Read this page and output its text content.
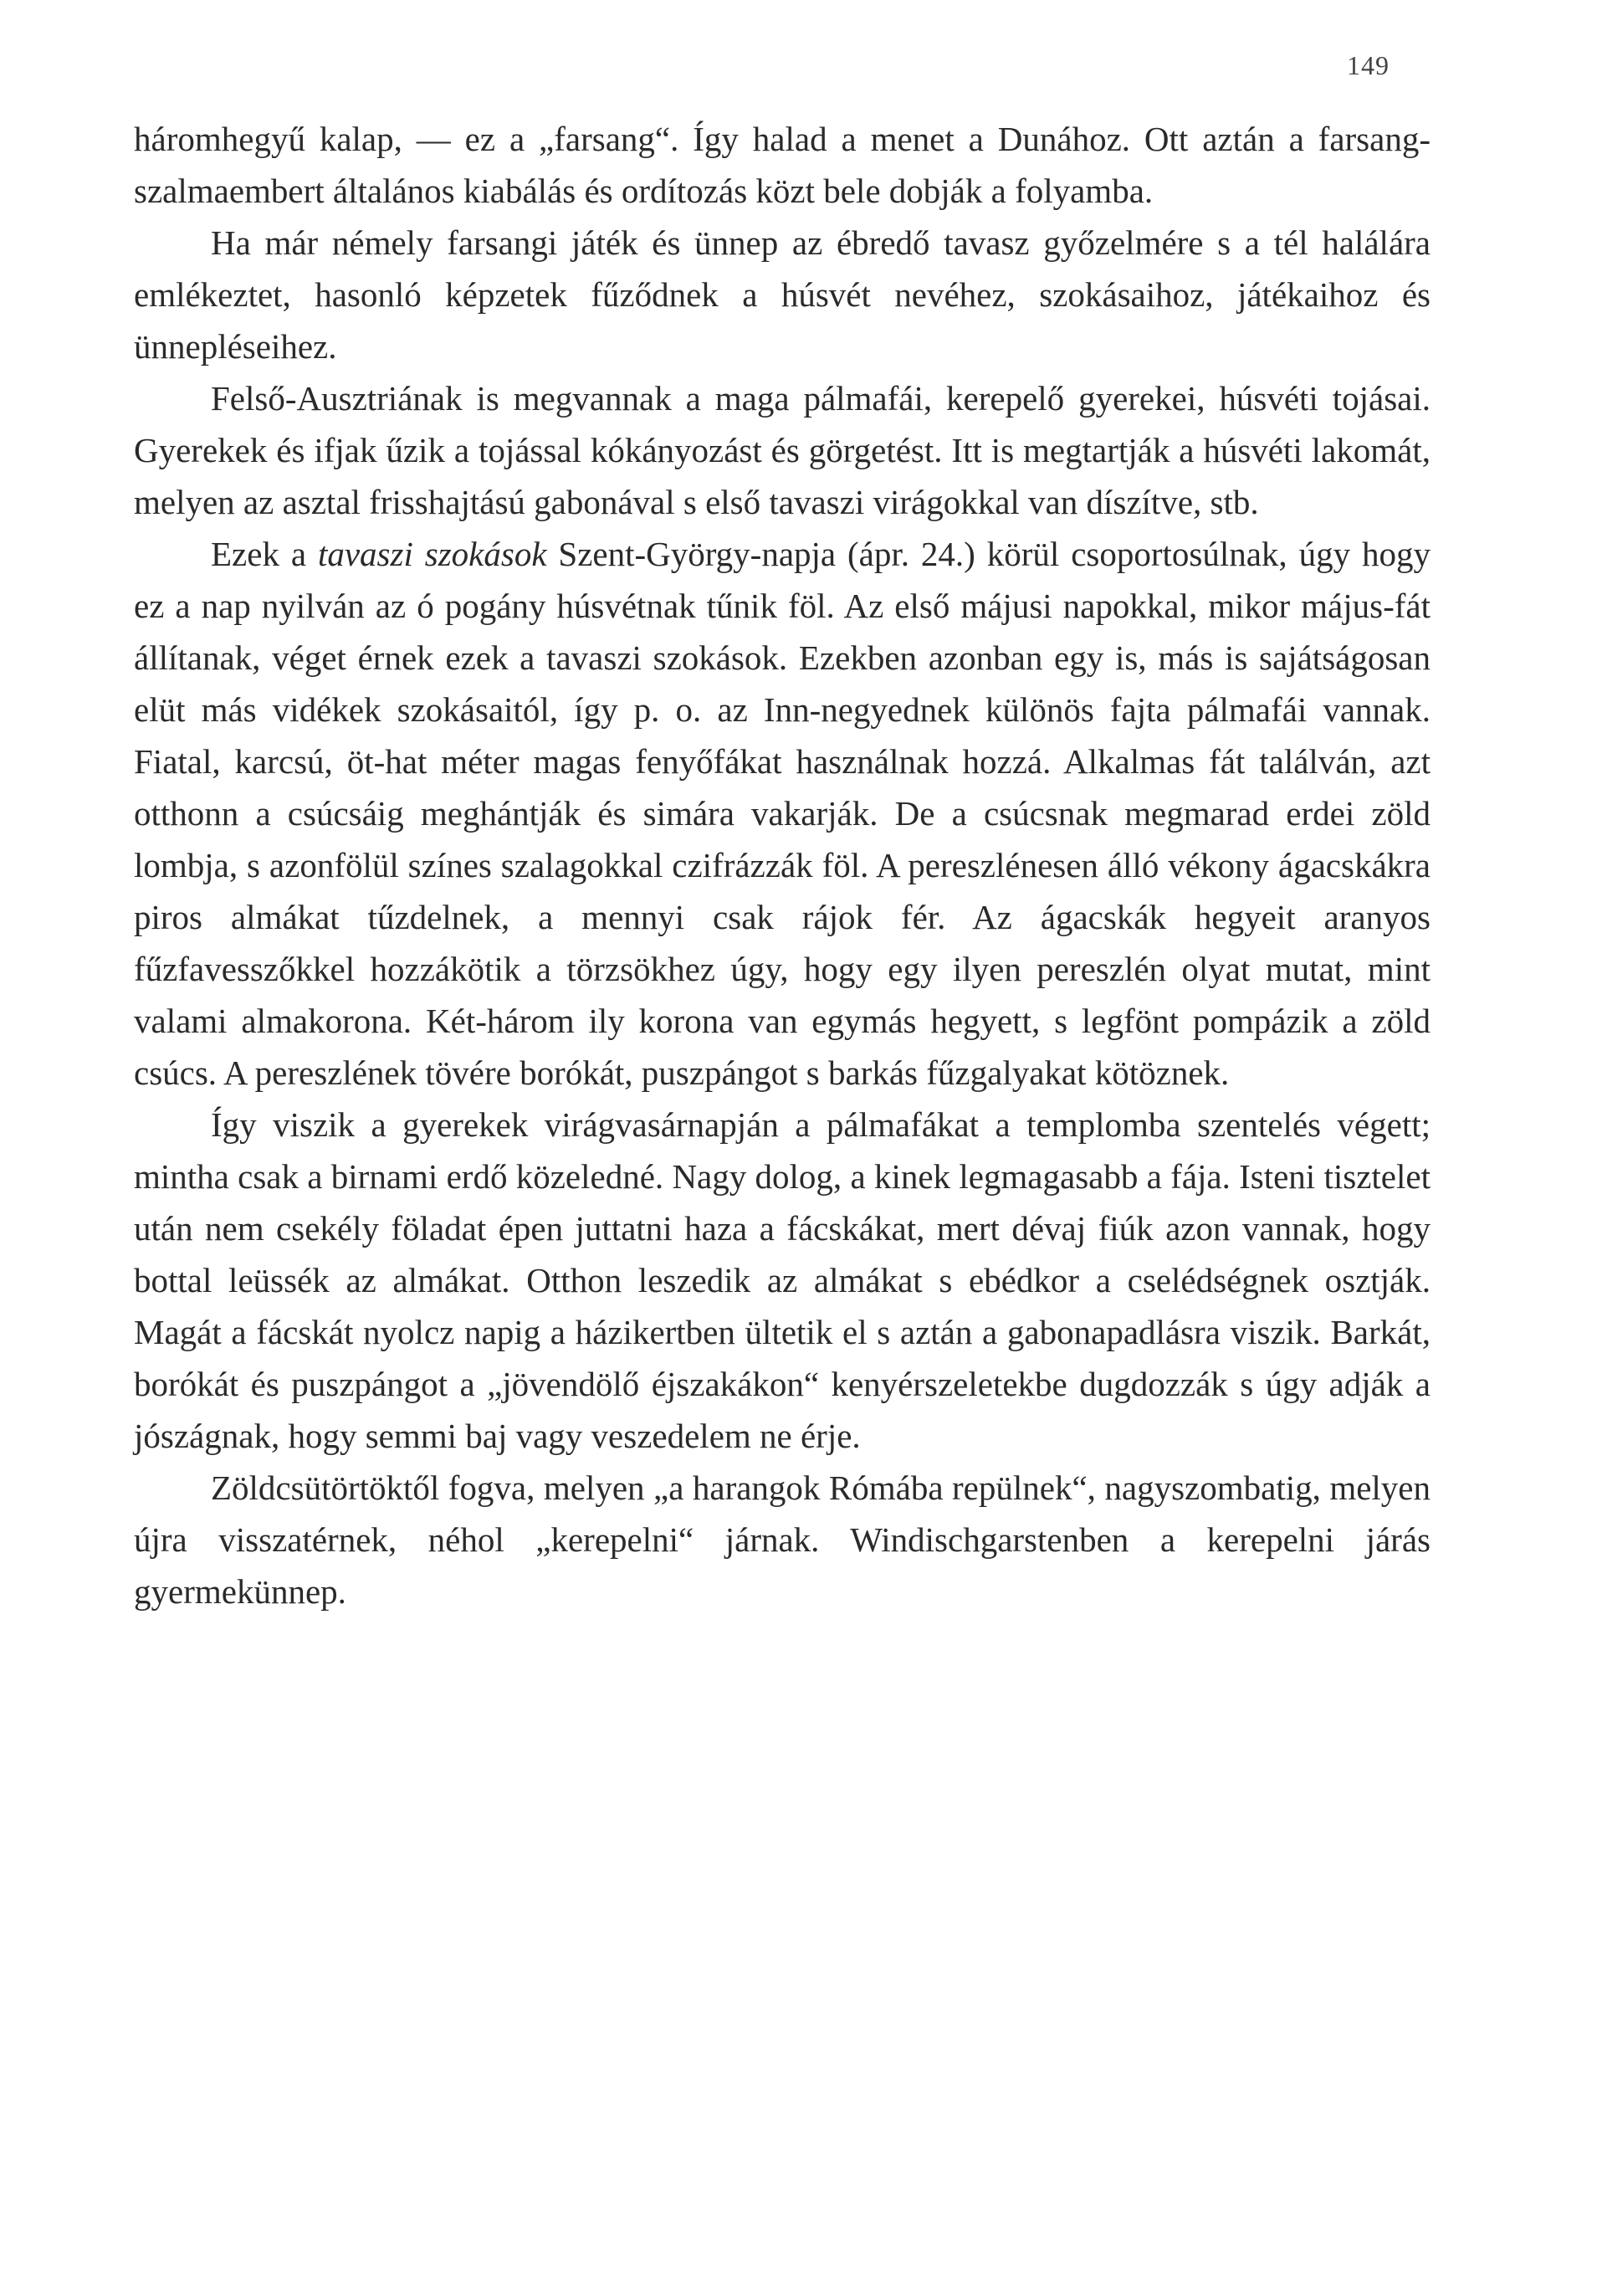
149

háromhegyű kalap, — ez a „farsang“. Így halad a menet a Dunához. Ott aztán a farsang-szalmaembert általános kiabálás és ordítozás közt bele dobják a folyamba.

Ha már némely farsangi játék és ünnep az ébredő tavasz győzelmére s a tél halálára emlékeztet, hasonló képzetek fűződnek a húsvét nevéhez, szokásaihoz, játékaihoz és ünnepléseihez.

Felső-Ausztriának is megvannak a maga pálmafái, kerepelő gyerekei, húsvéti tojásai. Gyerekek és ifjak űzik a tojással kókányozást és görgetést. Itt is megtartják a húsvéti lakomát, melyen az asztal frisshajtású gabonával s első tavaszi virágokkal van díszítve, stb.

Ezek a tavaszi szokások Szent-György-napja (ápr. 24.) körül csoportosúlnak, úgy hogy ez a nap nyilván az ó pogány húsvétnak tűnik föl. Az első májusi napokkal, mikor május-fát állítanak, véget érnek ezek a tavaszi szokások. Ezekben azonban egy is, más is sajátságosan elüt más vidékek szokásaitól, így p. o. az Inn-negyednek különös fajta pálmafái vannak. Fiatal, karcsú, öt-hat méter magas fenyőfákat használnak hozzá. Alkalmas fát találván, azt otthonn a csúcsáig meghántják és simára vakarják. De a csúcsnak megmarad erdei zöld lombja, s azonfölül színes szalagokkal czifrázzák föl. A pereszlénesen álló vékony ágacskákra piros almákat tűzdelnek, a mennyi csak rájok fér. Az ágacskák hegyeit aranyos fűzfavesszőkkel hozzákötik a törzsökhez úgy, hogy egy ilyen pereszlén olyat mutat, mint valami almakorona. Két-három ily korona van egymás hegyett, s legfönt pompázik a zöld csúcs. A pereszlének tövére borókát, puszpángot s barkás fűzgalyakat kötöznek.

Így viszik a gyerekek virágvasárnapján a pálmafákat a templomba szentelés végett; mintha csak a birnami erdő közeledné. Nagy dolog, a kinek legmagasabb a fája. Isteni tisztelet után nem csekély föladat épen juttatni haza a fácskákat, mert dévaj fiúk azon vannak, hogy bottal leüssék az almákat. Otthon leszedik az almákat s ebédkor a cselédségnek osztják. Magát a fácskát nyolcz napig a házikertben ültetik el s aztán a gabonapadlásra viszik. Barkát, borókát és puszpángot a „jövendölő éjszakákon“ kenyérszeletekbe dugdozzák s úgy adják a jószágnak, hogy semmi baj vagy veszedelem ne érje.

Zöldcsütörtöktől fogva, melyen „a harangok Rómába repülnek“, nagyszombatig, melyen újra visszatérnek, néhol „kerepelni“ járnak. Windischgarstenben a kerepelni járás gyermekünnep.
